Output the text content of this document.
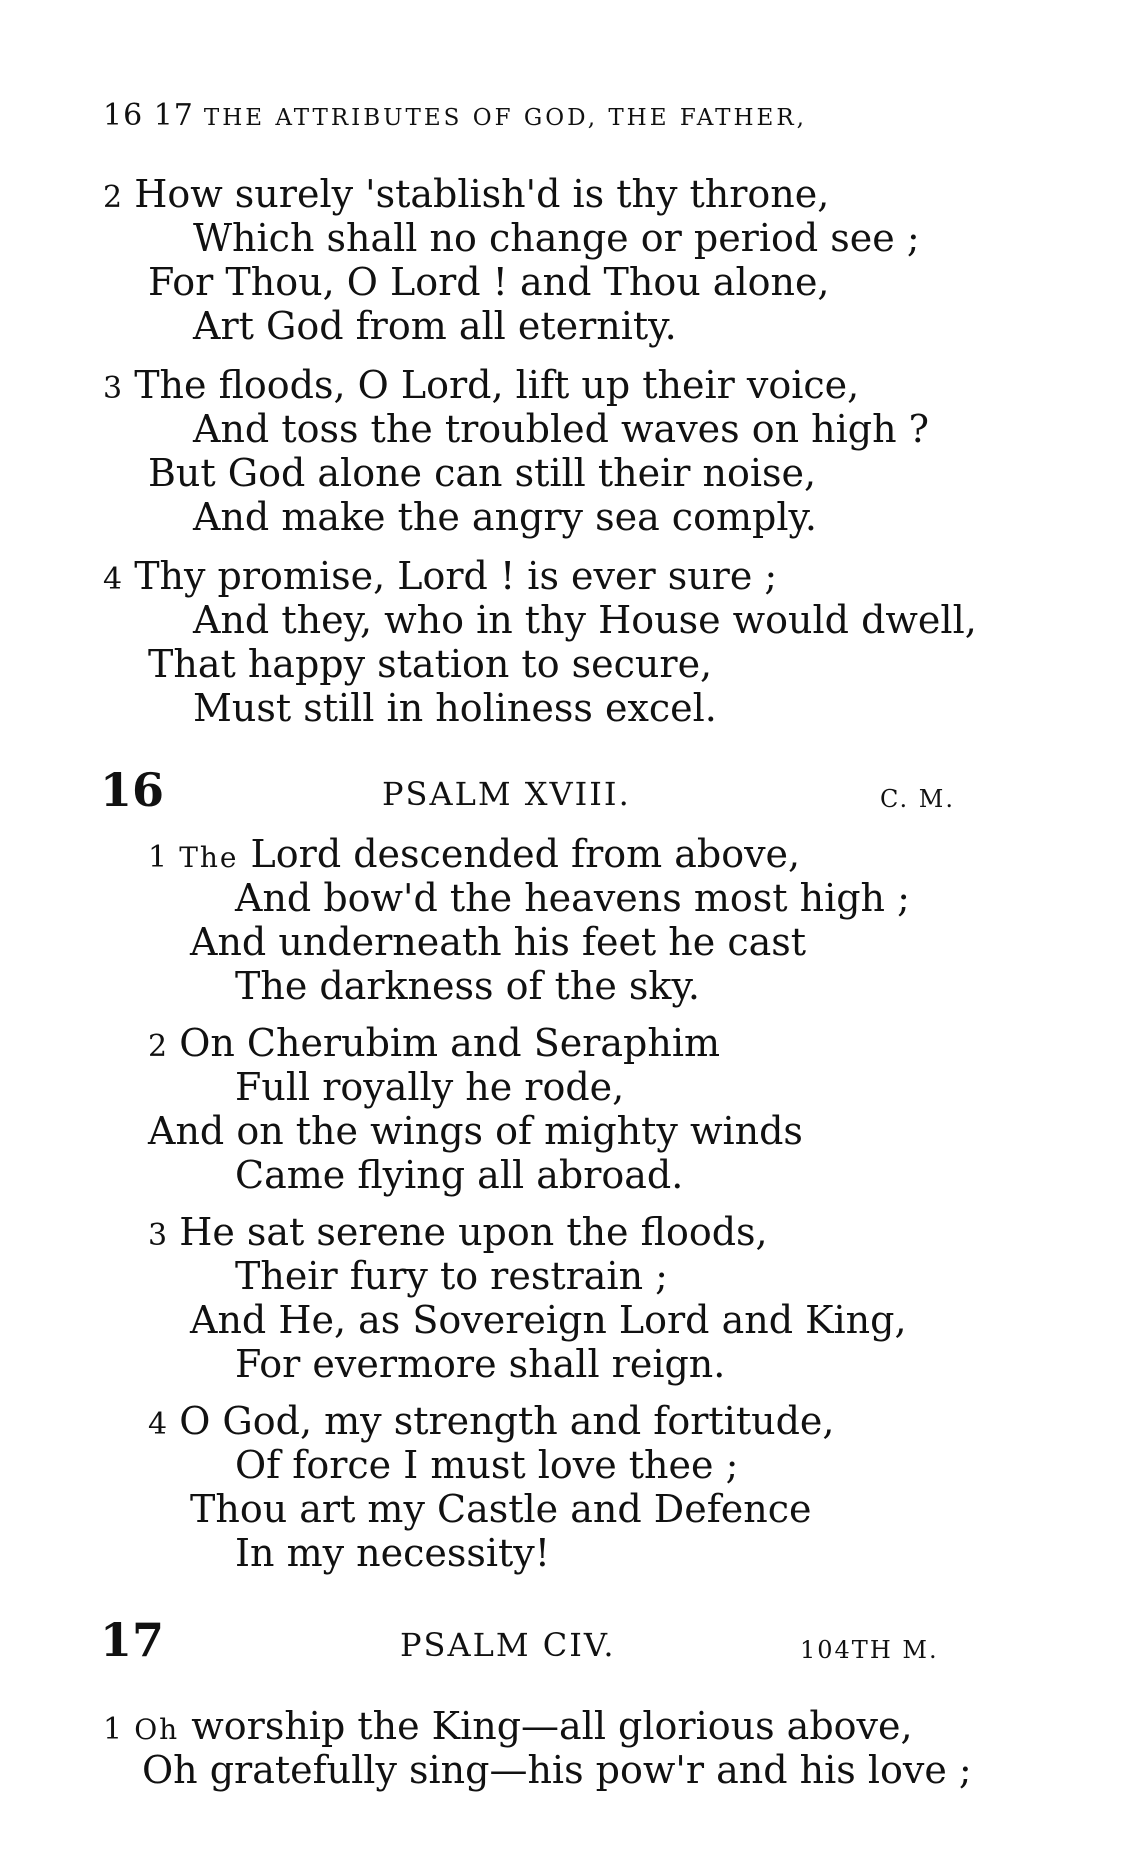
16 17 THE ATTRIBUTES OF GOD, THE FATHER,
2 How surely 'stablish'd is thy throne,
Which shall no change or period see ;
For Thou, O Lord ! and Thou alone,
Art God from all eternity.
3 The floods, O Lord, lift up their voice,
And toss the troubled waves on high ?
But God alone can still their noise,
And make the angry sea comply.
4 Thy promise, Lord ! is ever sure ;
And they, who in thy House would dwell,
That happy station to secure,
Must still in holiness excel.
16	PSALM XVIII.	C. M.
1 The Lord descended from above,
And bow'd the heavens most high ;
And underneath his feet he cast
The darkness of the sky.
2 On Cherubim and Seraphim
Full royally he rode,
And on the wings of mighty winds
Came flying all abroad.
3 He sat serene upon the floods,
Their fury to restrain ;
And He, as Sovereign Lord and King,
For evermore shall reign.
4 O God, my strength and fortitude,
Of force I must love thee ;
Thou art my Castle and Defence
In my necessity!
17	PSALM CIV.	104TH M.
1 Oh worship the King—all glorious above,
Oh gratefully sing—his pow'r and his love ;
